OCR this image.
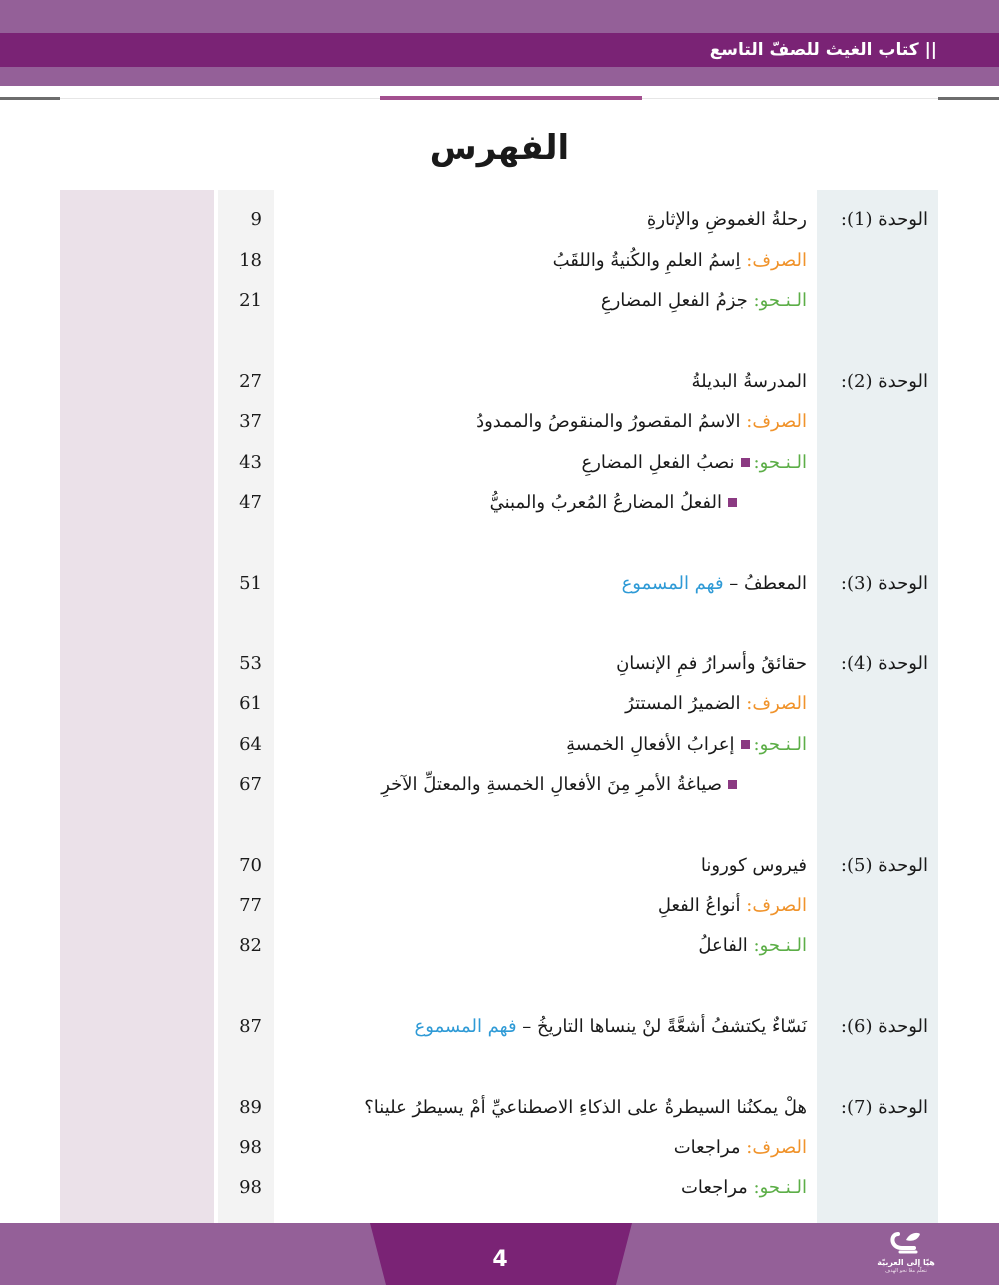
|| كتاب الغيث للصفّ التاسع
الفهرس
الوحدة (1):
رحلةُ الغموضِ والإثارةِ
9
الصرف: اِسمُ العلمِ والكُنيةُ واللقَبُ
18
الـنـحو: جزمُ الفعلِ المضارعِ
21
الوحدة (2):
المدرسةُ البديلةُ
27
الصرف: الاسمُ المقصورُ والمنقوصُ والممدودُ
37
الـنـحو:نصبُ الفعلِ المضارعِ
43
الفعلُ المضارعُ المُعربُ والمبنيُّ
47
الوحدة (3):
المعطفُ – فهم المسموع
51
الوحدة (4):
حقائقُ وأسرارُ فمِ الإنسانِ
53
الصرف: الضميرُ المستترُ
61
الـنـحو:إعرابُ الأفعالِ الخمسةِ
64
صياغةُ الأمرِ مِنَ الأفعالِ الخمسةِ والمعتلِّ الآخرِ
67
الوحدة (5):
فيروس كورونا
70
الصرف: أنواعُ الفعلِ
77
الـنـحو: الفاعلُ
82
الوحدة (6):
نَسّاءٌ يكتشفُ أشعَّةً لنْ ينساها التاريخُ – فهم المسموع
87
الوحدة (7):
هلْ يمكنُنا السيطرةُ على الذكاءِ الاصطناعيِّ أمْ يسيطرُ علينا؟
89
الصرف: مراجعات
98
الـنـحو: مراجعات
98
4	هيّا إلى العربيّة
نتعلّم معًا نحو الهدف
